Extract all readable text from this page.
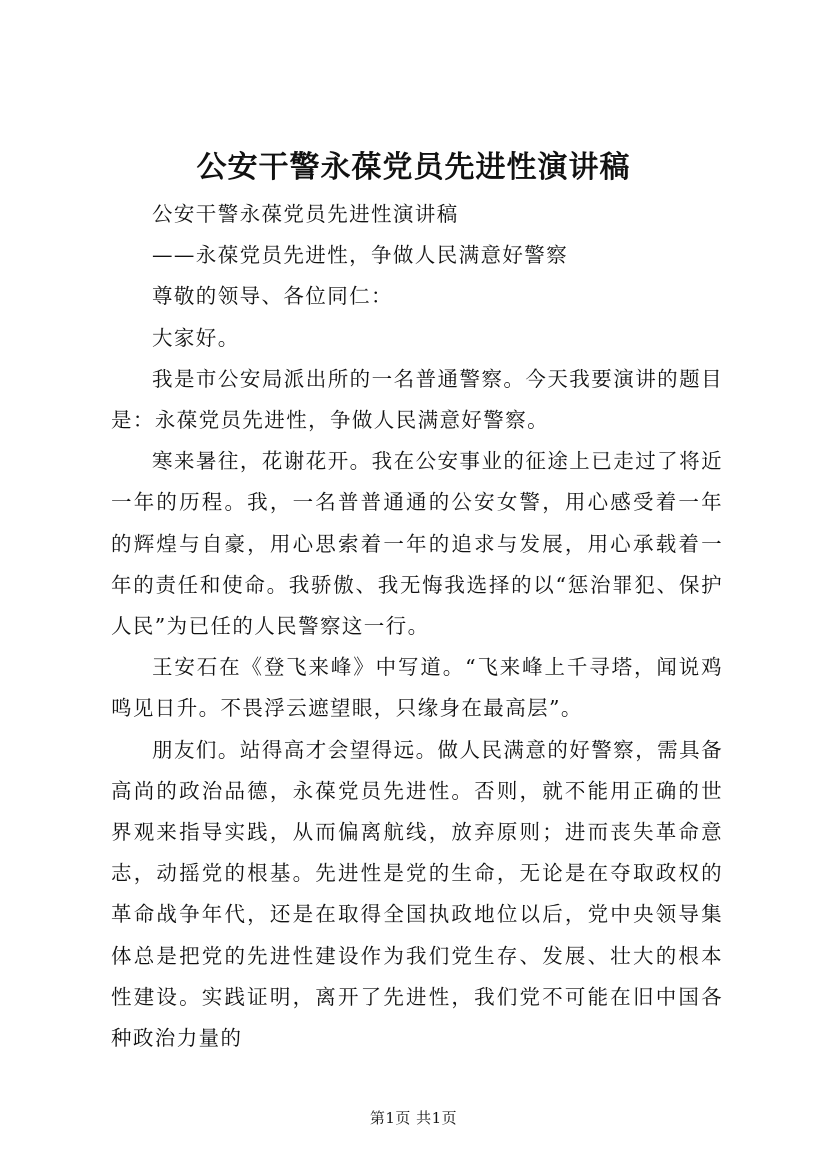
公安干警永葆党员先进性演讲稿

公安干警永葆党员先进性演讲稿

——永葆党员先进性，争做人民满意好警察

尊敬的领导、各位同仁：

大家好。

我是市公安局派出所的一名普通警察。今天我要演讲的题目是：永葆党员先进性，争做人民满意好警察。

寒来暑往，花谢花开。我在公安事业的征途上已走过了将近一年的历程。我，一名普普通通的公安女警，用心感受着一年的辉煌与自豪，用心思索着一年的追求与发展，用心承载着一年的责任和使命。我骄傲、我无悔我选择的以“惩治罪犯、保护人民”为已任的人民警察这一行。

王安石在《登飞来峰》中写道。“飞来峰上千寻塔，闻说鸡鸣见日升。不畏浮云遮望眼，只缘身在最高层”。

朋友们。站得高才会望得远。做人民满意的好警察，需具备高尚的政治品德，永葆党员先进性。否则，就不能用正确的世界观来指导实践，从而偏离航线，放弃原则；进而丧失革命意志，动摇党的根基。先进性是党的生命，无论是在夺取政权的革命战争年代，还是在取得全国执政地位以后，党中央领导集体总是把党的先进性建设作为我们党生存、发展、壮大的根本性建设。实践证明，离开了先进性，我们党不可能在旧中国各种政治力量的

第1页 共1页
